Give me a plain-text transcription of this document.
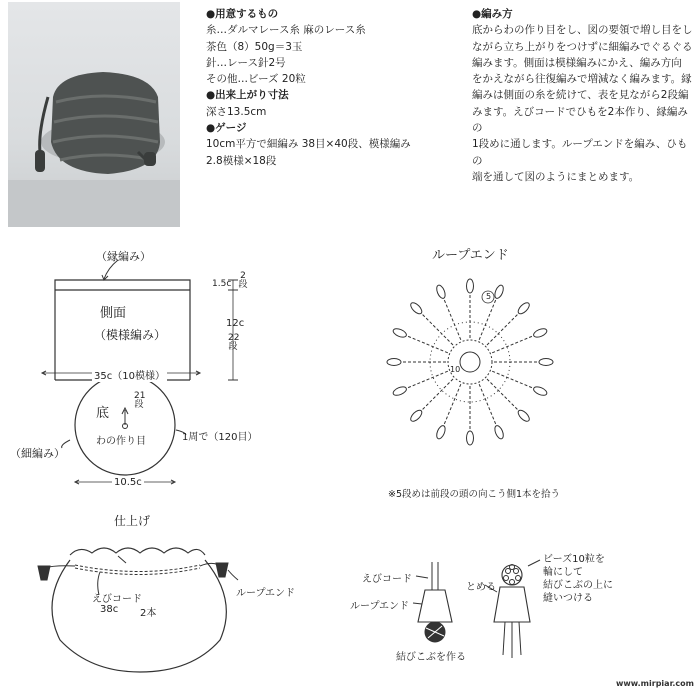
●用意するもの
糸…ダルマレース糸 麻のレース糸
茶色（8）50g＝3玉
針…レース針2号
その他…ビーズ 20粒
●出来上がり寸法
深さ13.5cm
●ゲージ
10cm平方で細編み 38目×40段、模様編み
2.8模様×18段
●編み方
底からわの作り目をし、図の要領で増し目をし
ながら立ち上がりをつけずに細編みでぐるぐる
編みます。側面は模様編みにかえ、編み方向
をかえながら往復編みで増減なく編みます。縁
編みは側面の糸を続けて、表を見ながら2段編
みます。えびコードでひもを2本作り、縁編みの
1段めに通します。ループエンドを編み、ひもの
端を通して図のようにまとめます。
（縁編み）
側面
（模様編み）
1.5c
2段
12c
22段
35c（10模様）
底
21段
わの作り目
（細編み）
1周で（120目）
10.5c
ループエンド
5
10
※5段めは前段の頭の向こう側1本を拾う
仕上げ
えびコード
38c 2本
ループエンド
えびコード
ループエンド
結びこぶを作る
とめる
ビーズ10粒を
輪にして
結びこぶの上に
縫いつける
www.mirpiar.com
